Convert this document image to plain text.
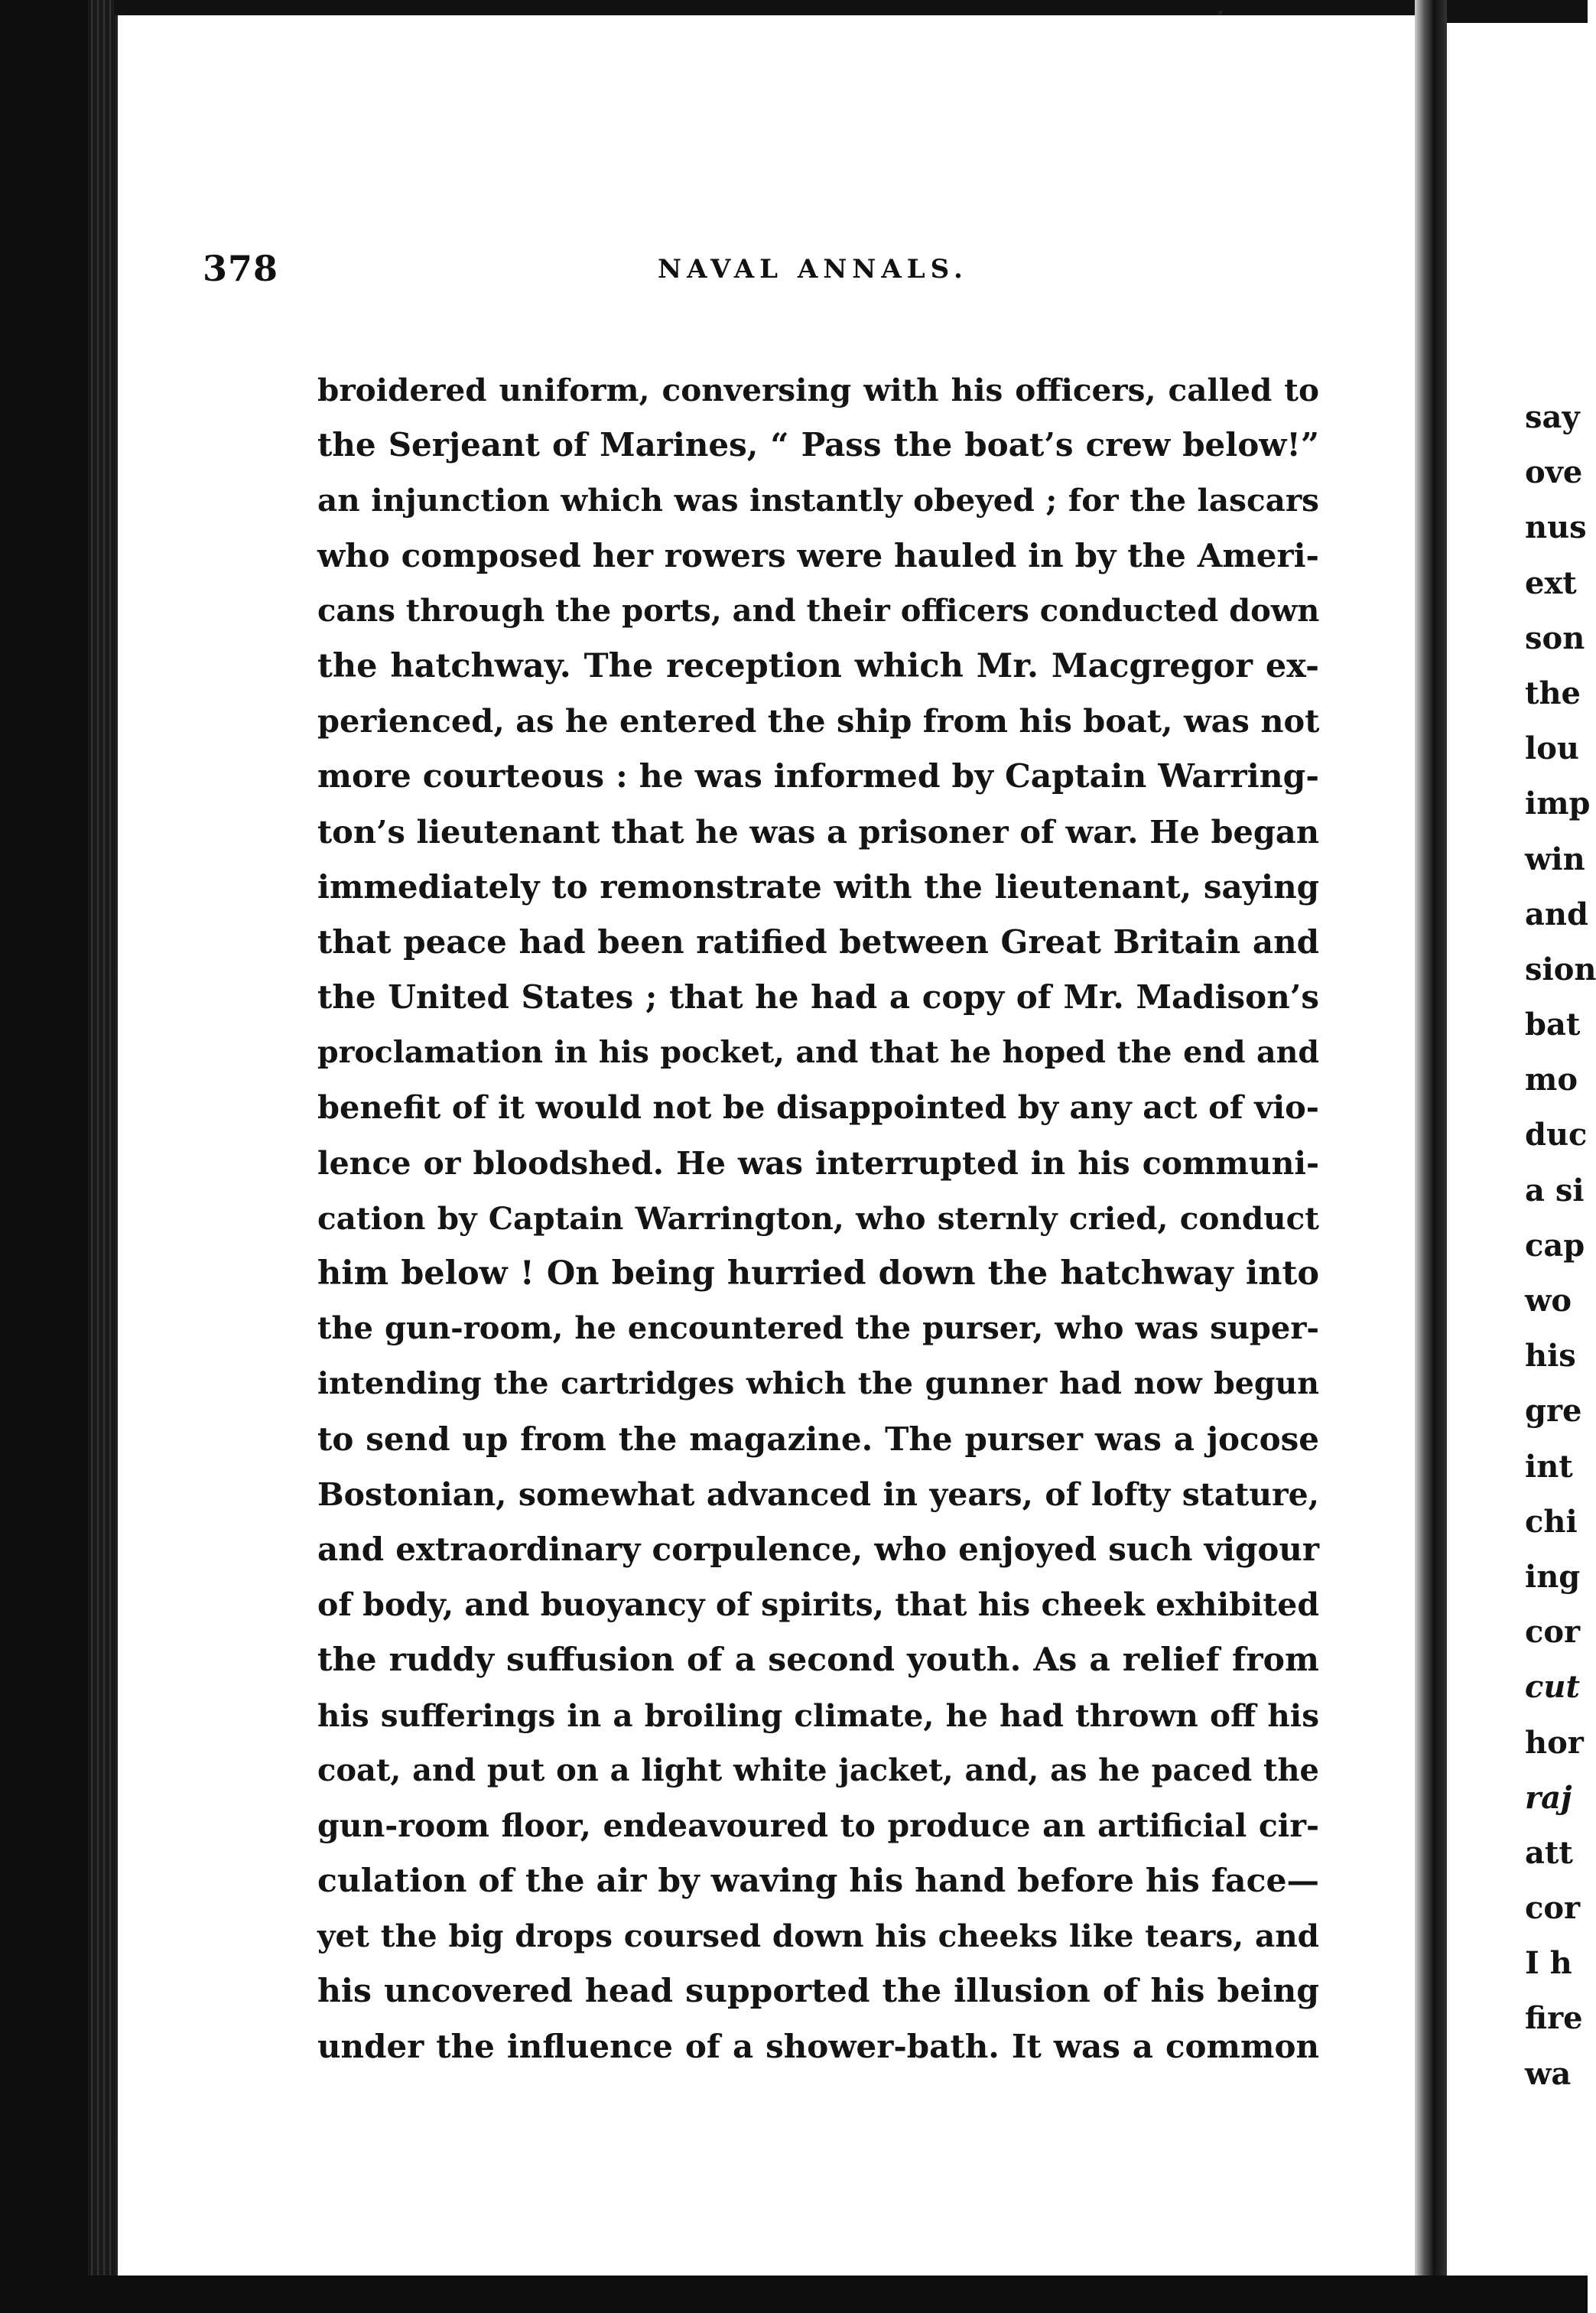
378	NAVAL ANNALS.
broidered uniform, conversing with his officers, called to
the Serjeant of Marines, “ Pass the boat’s crew below!”
an injunction which was instantly obeyed ; for the lascars
who composed her rowers were hauled in by the Ameri-
cans through the ports, and their officers conducted down
the hatchway. The reception which Mr. Macgregor ex-
perienced, as he entered the ship from his boat, was not
more courteous : he was informed by Captain Warring-
ton’s lieutenant that he was a prisoner of war. He began
immediately to remonstrate with the lieutenant, saying
that peace had been ratified between Great Britain and
the United States ; that he had a copy of Mr. Madison’s
proclamation in his pocket, and that he hoped the end and
benefit of it would not be disappointed by any act of vio-
lence or bloodshed. He was interrupted in his communi-
cation by Captain Warrington, who sternly cried, conduct
him below ! On being hurried down the hatchway into
the gun-room, he encountered the purser, who was super-
intending the cartridges which the gunner had now begun
to send up from the magazine. The purser was a jocose
Bostonian, somewhat advanced in years, of lofty stature,
and extraordinary corpulence, who enjoyed such vigour
of body, and buoyancy of spirits, that his cheek exhibited
the ruddy suffusion of a second youth. As a relief from
his sufferings in a broiling climate, he had thrown off his
coat, and put on a light white jacket, and, as he paced the
gun-room floor, endeavoured to produce an artificial cir-
culation of the air by waving his hand before his face—
yet the big drops coursed down his cheeks like tears, and
his uncovered head supported the illusion of his being
under the influence of a shower-bath. It was a common
say
ove
nus
ext
son
the
lou
imp
win
and
sion
bat
mo
duc
a si
cap
wo
his
gre
int
chi
ing
cor
cut
hor
raj
att
cor
I h
fire
wa
